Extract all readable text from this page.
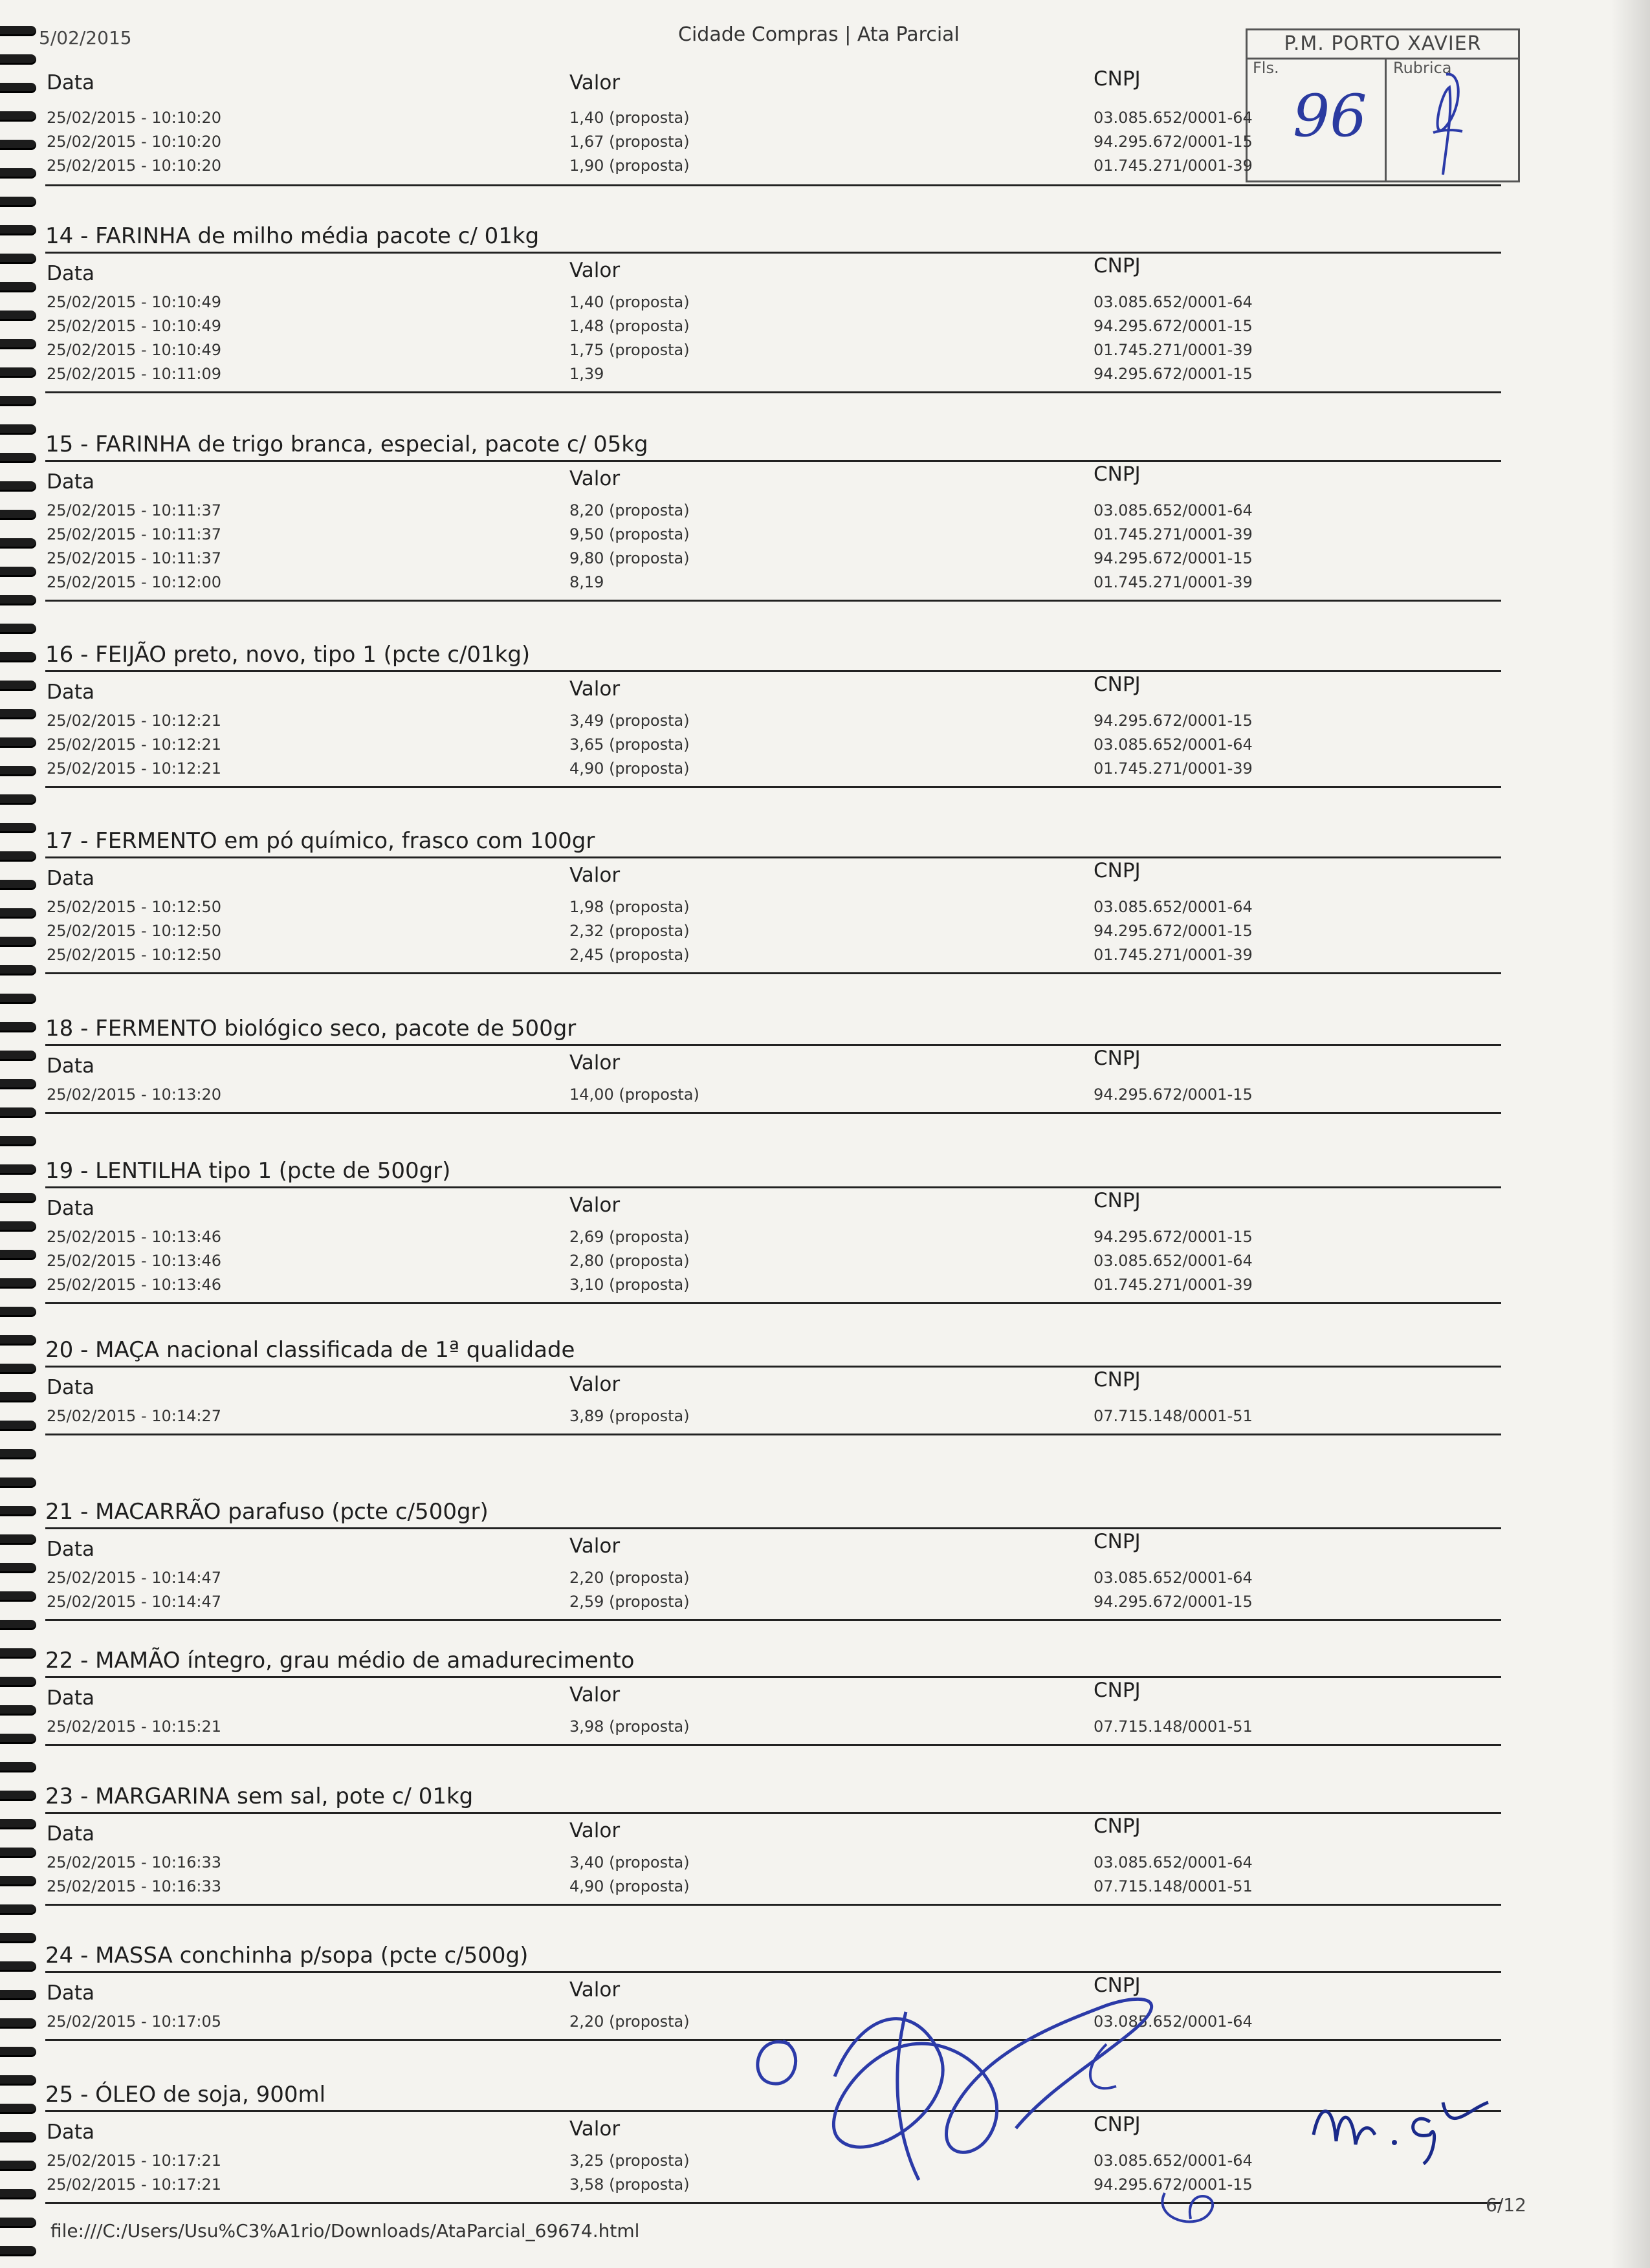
5/02/2015	Cidade Compras | Ata Parcial	P.M. PORTO XAVIER
Fls.	Rubrica
96
Data	Valor	CNPJ
25/02/2015 - 10:10:20	1,40 (proposta)	03.085.652/0001-64
25/02/2015 - 10:10:20	1,67 (proposta)	94.295.672/0001-15
25/02/2015 - 10:10:20	1,90 (proposta)	01.745.271/0001-39
14 - FARINHA de milho média pacote c/ 01kg
Data	Valor	CNPJ
25/02/2015 - 10:10:49	1,40 (proposta)	03.085.652/0001-64
25/02/2015 - 10:10:49	1,48 (proposta)	94.295.672/0001-15
25/02/2015 - 10:10:49	1,75 (proposta)	01.745.271/0001-39
25/02/2015 - 10:11:09	1,39	94.295.672/0001-15
15 - FARINHA de trigo branca, especial, pacote c/ 05kg
Data	Valor	CNPJ
25/02/2015 - 10:11:37	8,20 (proposta)	03.085.652/0001-64
25/02/2015 - 10:11:37	9,50 (proposta)	01.745.271/0001-39
25/02/2015 - 10:11:37	9,80 (proposta)	94.295.672/0001-15
25/02/2015 - 10:12:00	8,19	01.745.271/0001-39
16 - FEIJÃO preto, novo, tipo 1 (pcte c/01kg)
Data	Valor	CNPJ
25/02/2015 - 10:12:21	3,49 (proposta)	94.295.672/0001-15
25/02/2015 - 10:12:21	3,65 (proposta)	03.085.652/0001-64
25/02/2015 - 10:12:21	4,90 (proposta)	01.745.271/0001-39
17 - FERMENTO em pó químico, frasco com 100gr
Data	Valor	CNPJ
25/02/2015 - 10:12:50	1,98 (proposta)	03.085.652/0001-64
25/02/2015 - 10:12:50	2,32 (proposta)	94.295.672/0001-15
25/02/2015 - 10:12:50	2,45 (proposta)	01.745.271/0001-39
18 - FERMENTO biológico seco, pacote de 500gr
Data	Valor	CNPJ
25/02/2015 - 10:13:20	14,00 (proposta)	94.295.672/0001-15
19 - LENTILHA tipo 1 (pcte de 500gr)
Data	Valor	CNPJ
25/02/2015 - 10:13:46	2,69 (proposta)	94.295.672/0001-15
25/02/2015 - 10:13:46	2,80 (proposta)	03.085.652/0001-64
25/02/2015 - 10:13:46	3,10 (proposta)	01.745.271/0001-39
20 - MAÇA nacional classificada de 1ª qualidade
Data	Valor	CNPJ
25/02/2015 - 10:14:27	3,89 (proposta)	07.715.148/0001-51
21 - MACARRÃO parafuso (pcte c/500gr)
Data	Valor	CNPJ
25/02/2015 - 10:14:47	2,20 (proposta)	03.085.652/0001-64
25/02/2015 - 10:14:47	2,59 (proposta)	94.295.672/0001-15
22 - MAMÃO íntegro, grau médio de amadurecimento
Data	Valor	CNPJ
25/02/2015 - 10:15:21	3,98 (proposta)	07.715.148/0001-51
23 - MARGARINA sem sal, pote c/ 01kg
Data	Valor	CNPJ
25/02/2015 - 10:16:33	3,40 (proposta)	03.085.652/0001-64
25/02/2015 - 10:16:33	4,90 (proposta)	07.715.148/0001-51
24 - MASSA conchinha p/sopa (pcte c/500g)
Data	Valor	CNPJ
25/02/2015 - 10:17:05	2,20 (proposta)	03.085.652/0001-64
25 - ÓLEO de soja, 900ml
Data	Valor	CNPJ
25/02/2015 - 10:17:21	3,25 (proposta)	03.085.652/0001-64
25/02/2015 - 10:17:21	3,58 (proposta)	94.295.672/0001-15
6/12
file:///C:/Users/Usu%C3%A1rio/Downloads/AtaParcial_69674.html
